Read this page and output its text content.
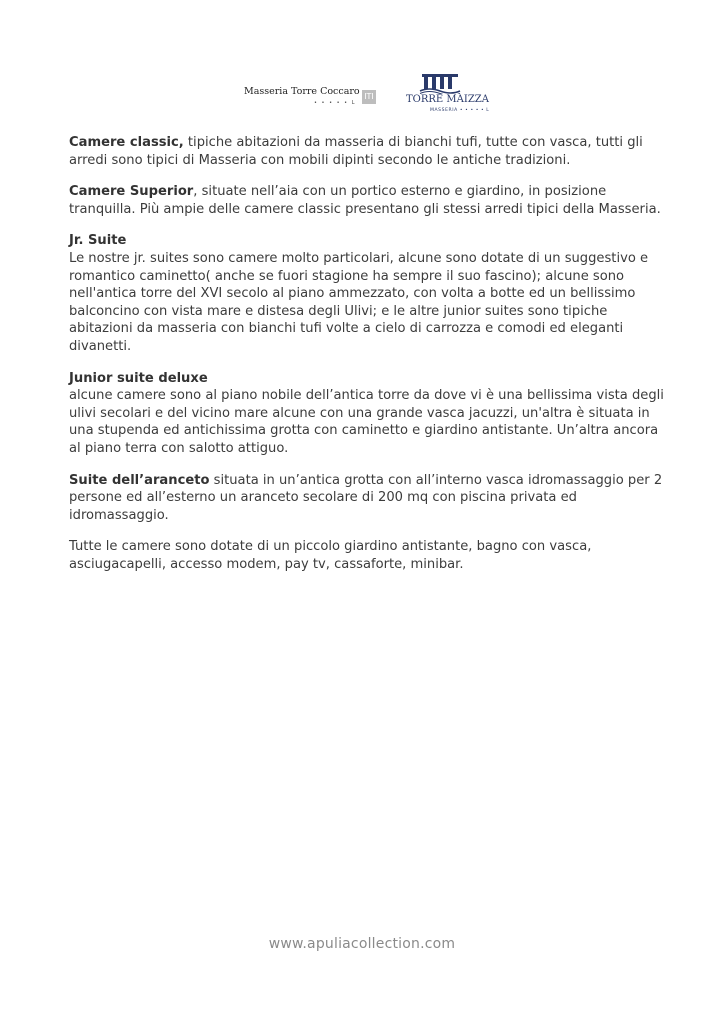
Masseria Torre Coccaro
• • • • • L
ITI	TORRE MAIZZA
MASSERIA • • • • • L

Camere classic, tipiche abitazioni da masseria di bianchi tufi, tutte con vasca, tutti gli arredi sono tipici di Masseria con mobili dipinti secondo le antiche tradizioni.

Camere Superior, situate nell’aia con un portico esterno e giardino, in posizione tranquilla. Più ampie delle camere classic presentano gli stessi arredi tipici della Masseria.

Jr. Suite
Le nostre jr. suites sono camere molto particolari, alcune sono dotate di un suggestivo e romantico caminetto( anche se fuori stagione ha sempre il suo fascino); alcune sono nell'antica torre del XVI secolo al piano ammezzato, con volta a botte ed un bellissimo balconcino con vista mare e distesa degli Ulivi; e le altre junior suites sono tipiche abitazioni da masseria con bianchi tufi volte a cielo di carrozza e comodi ed eleganti divanetti.

Junior suite deluxe
alcune camere sono al piano nobile dell’antica torre da dove vi è una bellissima vista degli ulivi secolari e del vicino mare alcune con una grande vasca jacuzzi, un'altra è situata in una stupenda ed antichissima grotta con caminetto e giardino antistante. Un’altra ancora al piano terra con salotto attiguo.

Suite dell’aranceto situata in un’antica grotta con all’interno vasca idromassaggio per 2 persone ed all’esterno un aranceto secolare di 200 mq con piscina privata ed idromassaggio.

Tutte le camere sono dotate di un piccolo giardino antistante, bagno con vasca, asciugacapelli, accesso modem, pay tv, cassaforte, minibar.

www.apuliacollection.com
